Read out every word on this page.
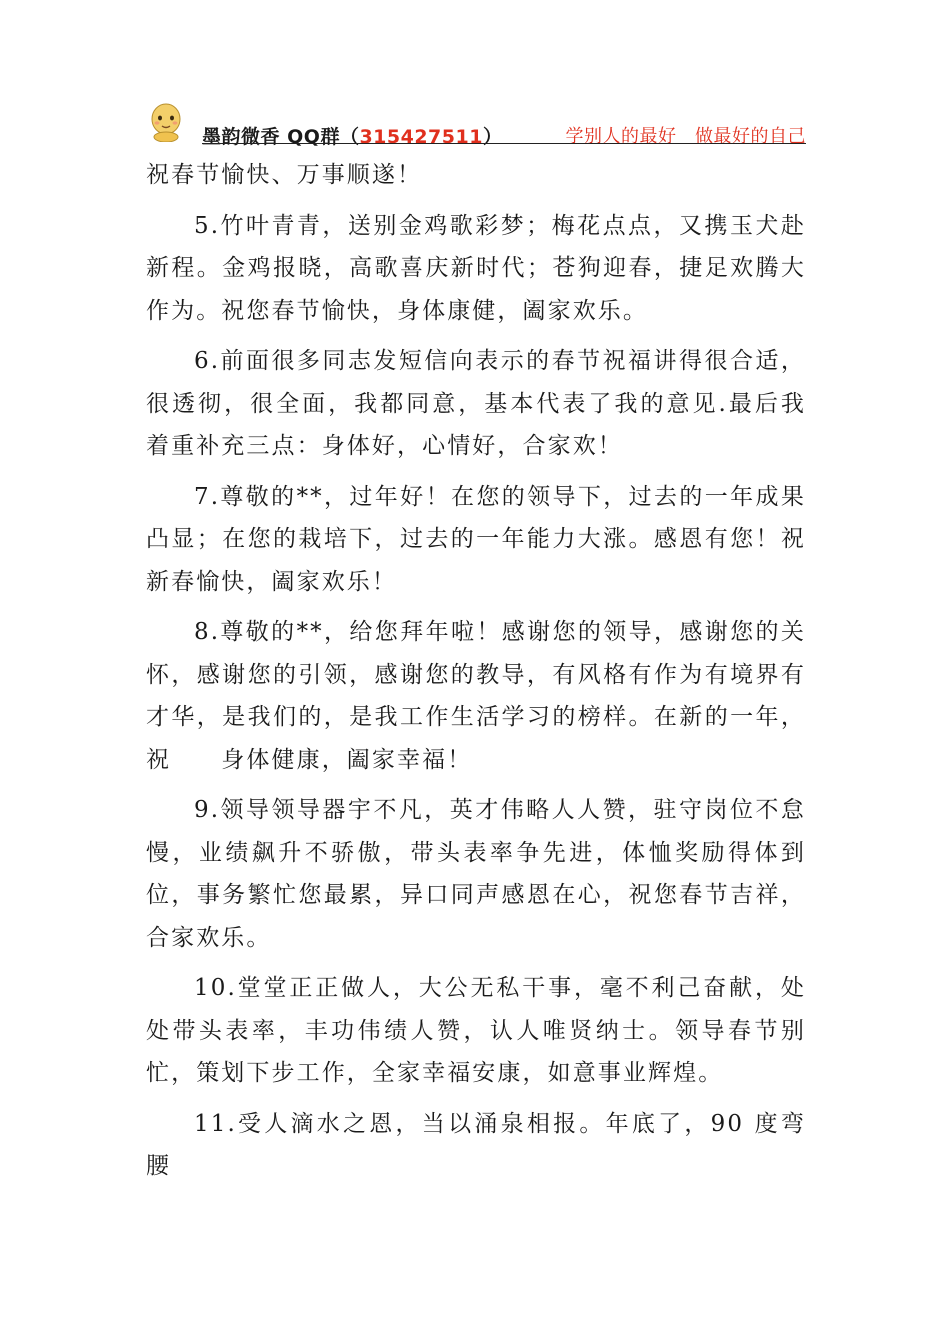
墨韵微香 QQ群（315427511）	学别人的最好　做最好的自己

祝春节愉快、万事顺遂！

5.竹叶青青，送别金鸡歌彩梦；梅花点点，又携玉犬赴新程。金鸡报晓，高歌喜庆新时代；苍狗迎春，捷足欢腾大作为。祝您春节愉快，身体康健，阖家欢乐。

6.前面很多同志发短信向表示的春节祝福讲得很合适，很透彻，很全面，我都同意，基本代表了我的意见.最后我着重补充三点：身体好，心情好，合家欢！

7.尊敬的**，过年好！在您的领导下，过去的一年成果凸显；在您的栽培下，过去的一年能力大涨。感恩有您！祝新春愉快，阖家欢乐！

8.尊敬的**，给您拜年啦！感谢您的领导，感谢您的关怀，感谢您的引领，感谢您的教导，有风格有作为有境界有才华，是我们的，是我工作生活学习的榜样。在新的一年，祝　　身体健康，阖家幸福！

9.领导领导器宇不凡，英才伟略人人赞，驻守岗位不怠慢，业绩飙升不骄傲，带头表率争先进，体恤奖励得体到位，事务繁忙您最累，异口同声感恩在心，祝您春节吉祥，合家欢乐。

10.堂堂正正做人，大公无私干事，毫不利己奋献，处处带头表率，丰功伟绩人赞，认人唯贤纳士。领导春节别忙，策划下步工作，全家幸福安康，如意事业辉煌。

11.受人滴水之恩，当以涌泉相报。年底了，90 度弯腰
